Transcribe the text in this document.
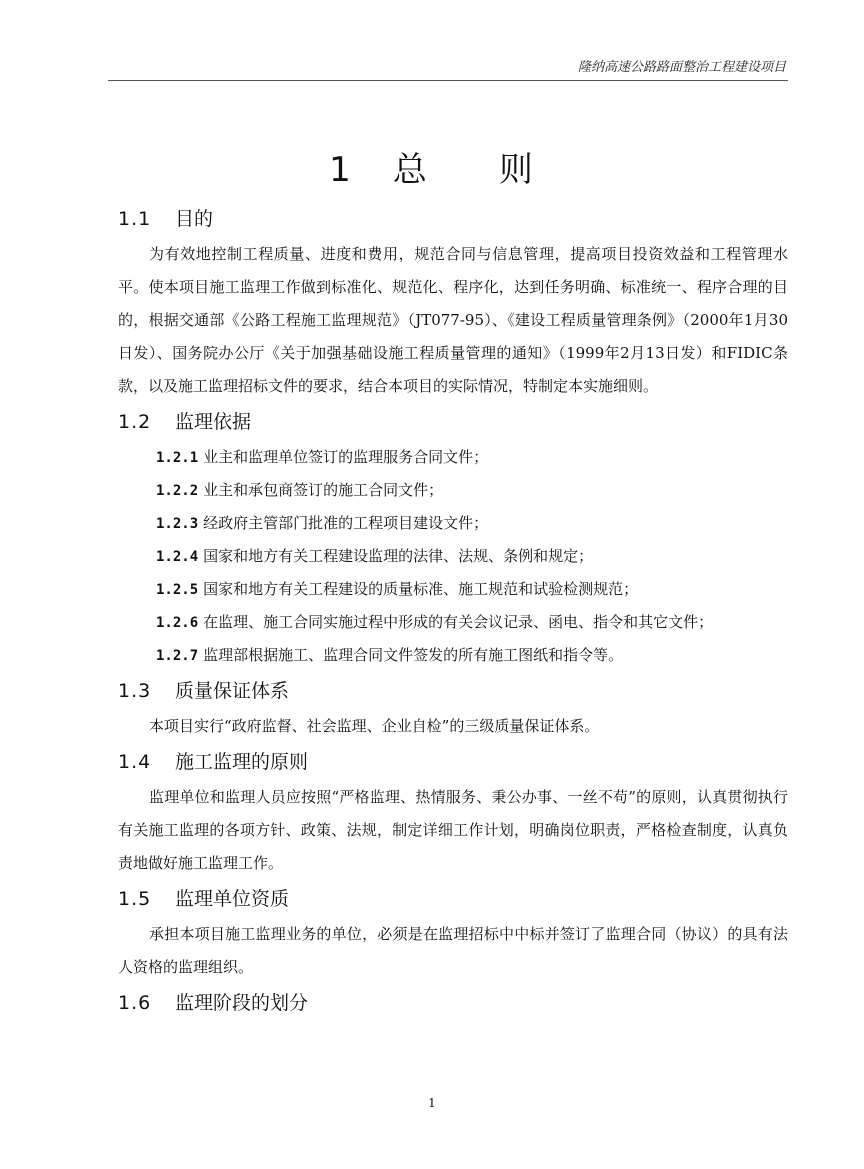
隆纳高速公路路面整治工程建设项目
1 总 则
1.1 目的

为有效地控制工程质量、进度和费用，规范合同与信息管理，提高项目投资效益和工程管理水平。使本项目施工监理工作做到标准化、规范化、程序化，达到任务明确、标准统一、程序合理的目的，根据交通部《公路工程施工监理规范》（JT077-95）、《建设工程质量管理条例》（2000年1月30日发）、国务院办公厅《关于加强基础设施工程质量管理的通知》（1999年2月13日发）和FIDIC条款，以及施工监理招标文件的要求，结合本项目的实际情况，特制定本实施细则。

1.2 监理依据

1.2.1 业主和监理单位签订的监理服务合同文件；

1.2.2 业主和承包商签订的施工合同文件；

1.2.3 经政府主管部门批准的工程项目建设文件；

1.2.4 国家和地方有关工程建设监理的法律、法规、条例和规定；

1.2.5 国家和地方有关工程建设的质量标准、施工规范和试验检测规范；

1.2.6 在监理、施工合同实施过程中形成的有关会议记录、函电、指令和其它文件；

1.2.7 监理部根据施工、监理合同文件签发的所有施工图纸和指令等。

1.3 质量保证体系

本项目实行“政府监督、社会监理、企业自检”的三级质量保证体系。

1.4 施工监理的原则

监理单位和监理人员应按照“严格监理、热情服务、秉公办事、一丝不苟”的原则，认真贯彻执行有关施工监理的各项方针、政策、法规，制定详细工作计划，明确岗位职责，严格检查制度，认真负责地做好施工监理工作。

1.5 监理单位资质

承担本项目施工监理业务的单位，必须是在监理招标中中标并签订了监理合同（协议）的具有法人资格的监理组织。

1.6 监理阶段的划分
1
